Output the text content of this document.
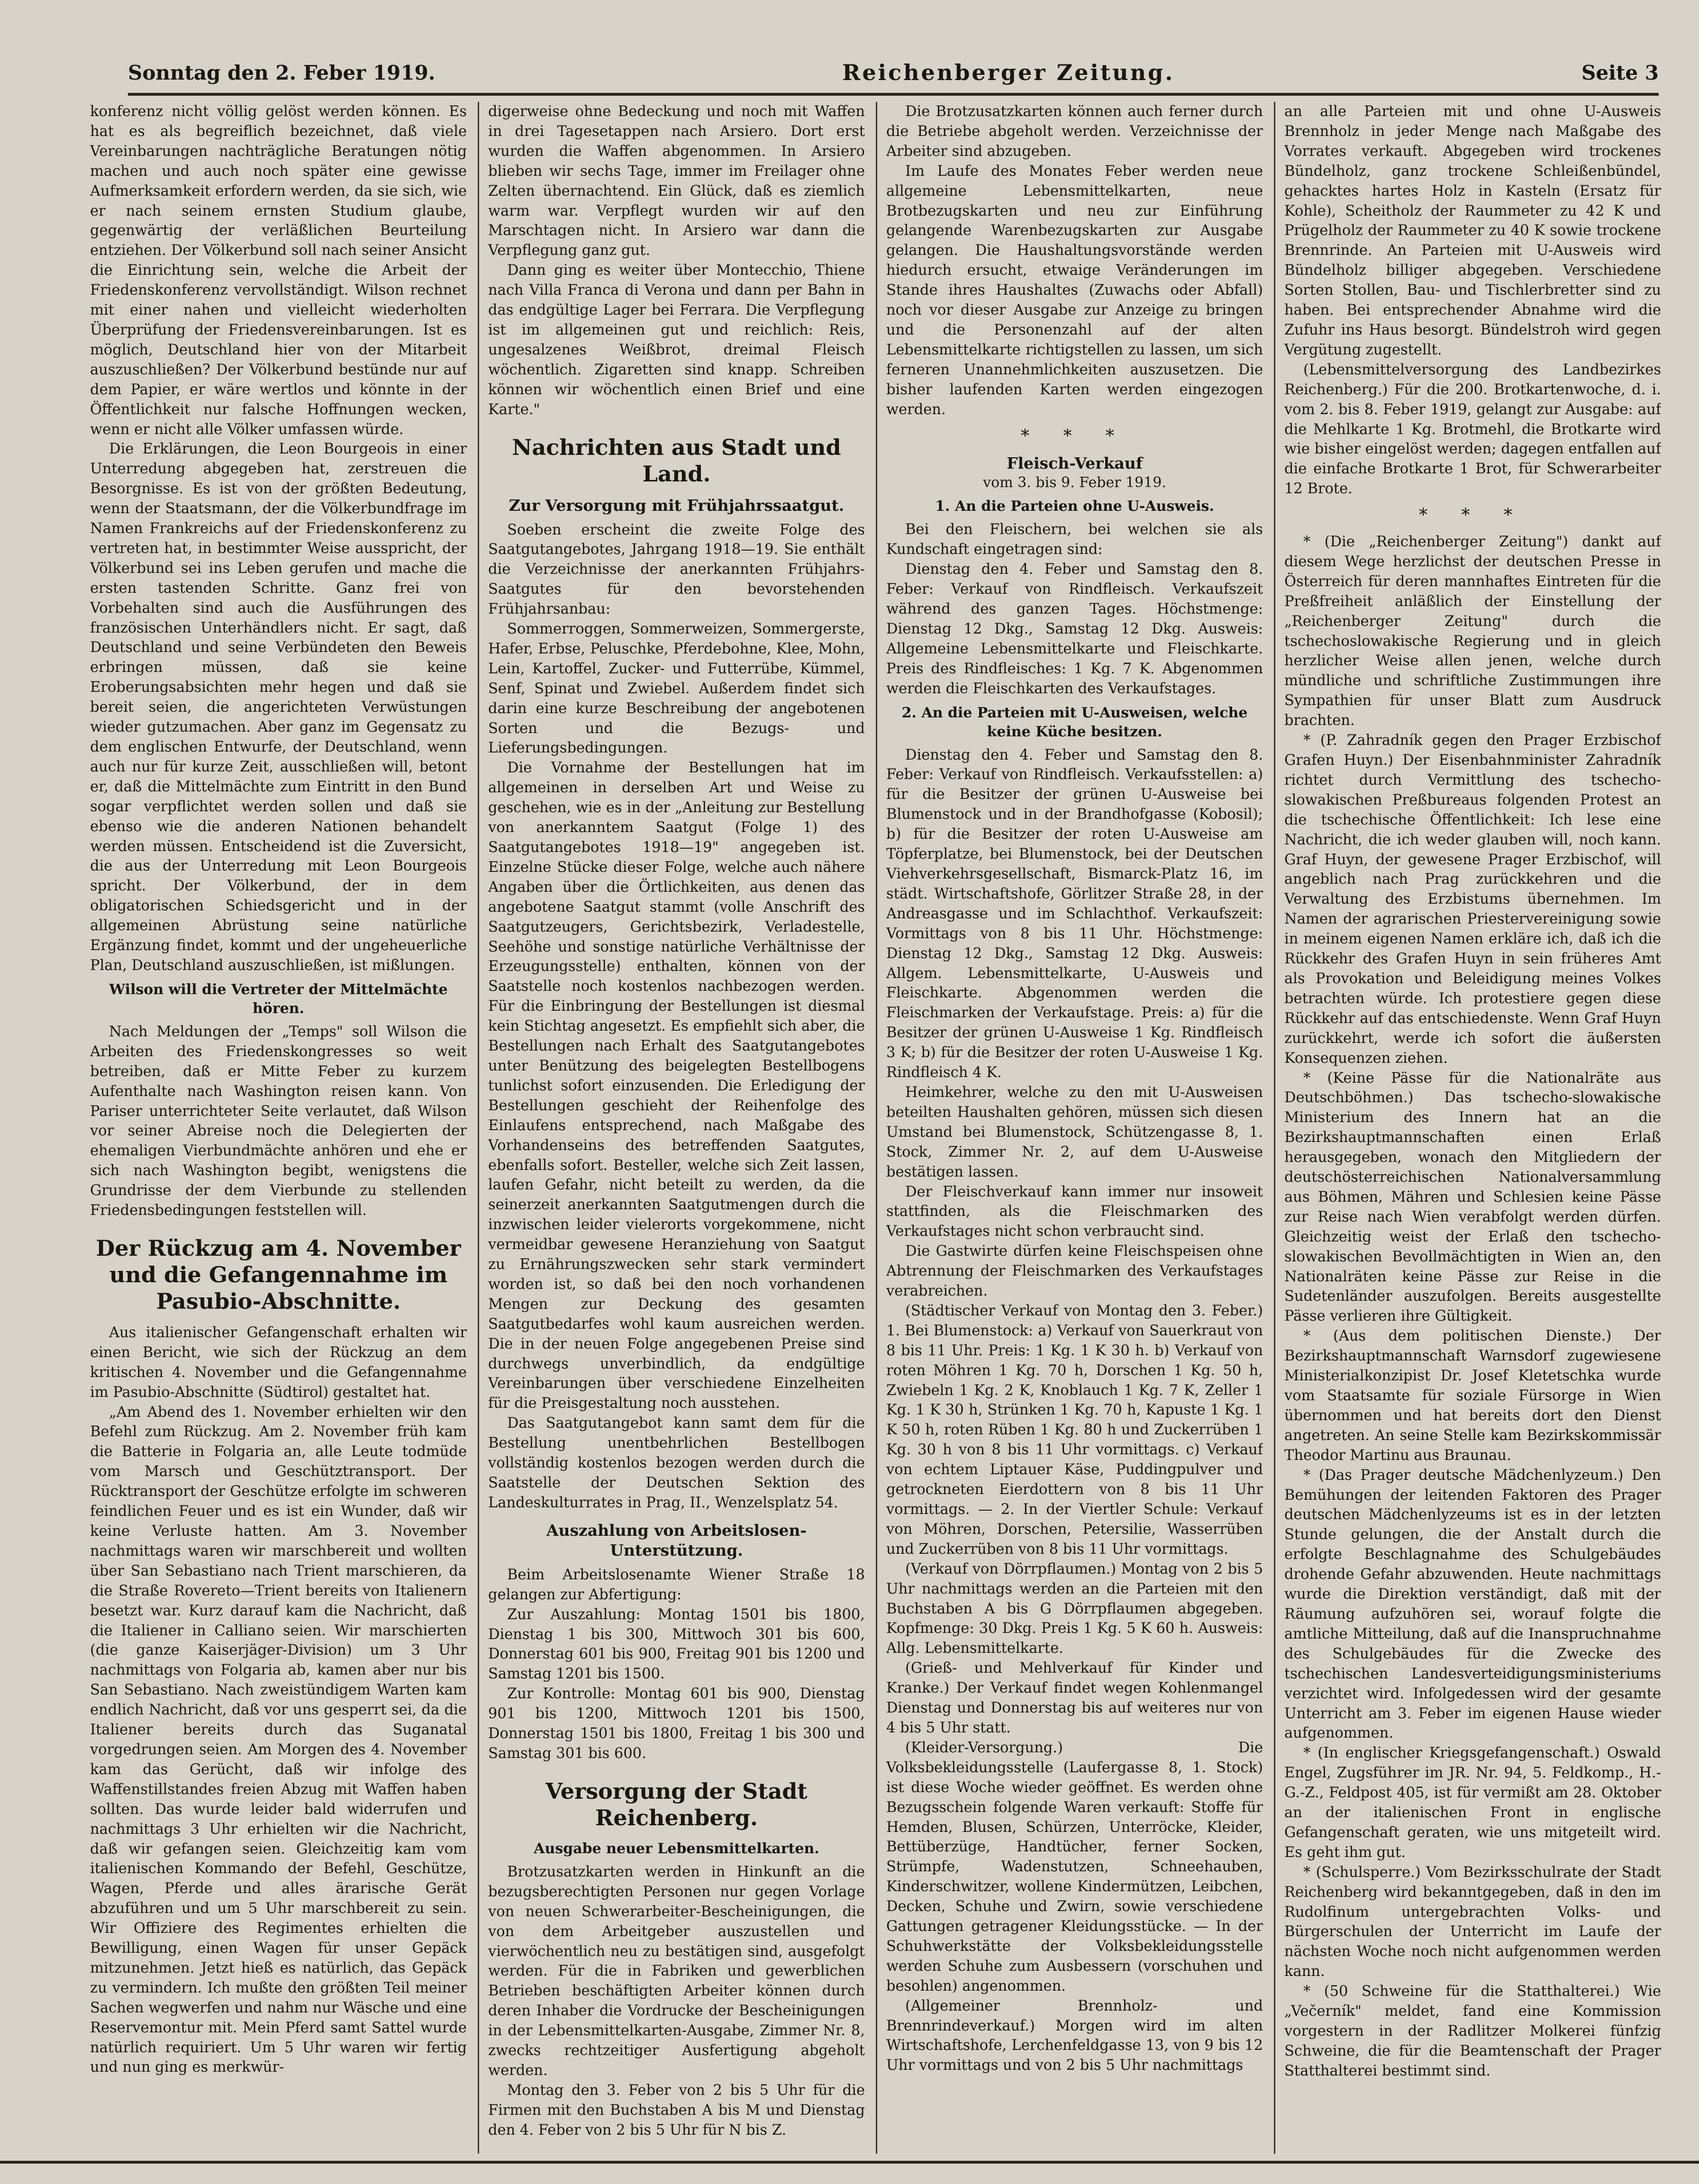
Sonntag den 2. Feber 1919.	Reichenberger Zeitung.	Seite 3

konferenz nicht völlig gelöst werden können. Es hat es als begreiflich bezeichnet, daß viele Vereinbarungen nachträgliche Beratungen nötig machen und auch noch später eine gewisse Aufmerksamkeit erfordern werden, da sie sich, wie er nach seinem ernsten Studium glaube, gegenwärtig der verläßlichen Beurteilung entziehen. Der Völkerbund soll nach seiner Ansicht die Einrichtung sein, welche die Arbeit der Friedenskonferenz vervollständigt. Wilson rechnet mit einer nahen und vielleicht wiederholten Überprüfung der Friedensvereinbarungen. Ist es möglich, Deutschland hier von der Mitarbeit auszuschließen? Der Völkerbund bestünde nur auf dem Papier, er wäre wertlos und könnte in der Öffentlichkeit nur falsche Hoffnungen wecken, wenn er nicht alle Völker umfassen würde.

Die Erklärungen, die Leon Bourgeois in einer Unterredung abgegeben hat, zerstreuen die Besorgnisse. Es ist von der größten Bedeutung, wenn der Staatsmann, der die Völkerbundfrage im Namen Frankreichs auf der Friedenskonferenz zu vertreten hat, in bestimmter Weise ausspricht, der Völkerbund sei ins Leben gerufen und mache die ersten tastenden Schritte. Ganz frei von Vorbehalten sind auch die Ausführungen des französischen Unterhändlers nicht. Er sagt, daß Deutschland und seine Verbündeten den Beweis erbringen müssen, daß sie keine Eroberungsabsichten mehr hegen und daß sie bereit seien, die angerichteten Verwüstungen wieder gutzumachen. Aber ganz im Gegensatz zu dem englischen Entwurfe, der Deutschland, wenn auch nur für kurze Zeit, ausschließen will, betont er, daß die Mittelmächte zum Eintritt in den Bund sogar verpflichtet werden sollen und daß sie ebenso wie die anderen Nationen behandelt werden müssen. Entscheidend ist die Zuversicht, die aus der Unterredung mit Leon Bourgeois spricht. Der Völkerbund, der in dem obligatorischen Schiedsgericht und in der allgemeinen Abrüstung seine natürliche Ergänzung findet, kommt und der ungeheuerliche Plan, Deutschland auszuschließen, ist mißlungen.

Wilson will die Vertreter der Mittelmächte hören.

Nach Meldungen der „Temps" soll Wilson die Arbeiten des Friedenskongresses so weit betreiben, daß er Mitte Feber zu kurzem Aufenthalte nach Washington reisen kann. Von Pariser unterrichteter Seite verlautet, daß Wilson vor seiner Abreise noch die Delegierten der ehemaligen Vierbundmächte anhören und ehe er sich nach Washington begibt, wenigstens die Grundrisse der dem Vierbunde zu stellenden Friedensbedingungen feststellen will.

Der Rückzug am 4. November und die Gefangennahme im Pasubio-Abschnitte.

Aus italienischer Gefangenschaft erhalten wir einen Bericht, wie sich der Rückzug an dem kritischen 4. November und die Gefangennahme im Pasubio-Abschnitte (Südtirol) gestaltet hat.

„Am Abend des 1. November erhielten wir den Befehl zum Rückzug. Am 2. November früh kam die Batterie in Folgaria an, alle Leute todmüde vom Marsch und Geschütztransport. Der Rücktransport der Geschütze erfolgte im schweren feindlichen Feuer und es ist ein Wunder, daß wir keine Verluste hatten. Am 3. November nachmittags waren wir marschbereit und wollten über San Sebastiano nach Trient marschieren, da die Straße Rovereto—Trient bereits von Italienern besetzt war. Kurz darauf kam die Nachricht, daß die Italiener in Calliano seien. Wir marschierten (die ganze Kaiserjäger-Division) um 3 Uhr nachmittags von Folgaria ab, kamen aber nur bis San Sebastiano. Nach zweistündigem Warten kam endlich Nachricht, daß vor uns gesperrt sei, da die Italiener bereits durch das Suganatal vorgedrungen seien. Am Morgen des 4. November kam das Gerücht, daß wir infolge des Waffenstillstandes freien Abzug mit Waffen haben sollten. Das wurde leider bald widerrufen und nachmittags 3 Uhr erhielten wir die Nachricht, daß wir gefangen seien. Gleichzeitig kam vom italienischen Kommando der Befehl, Geschütze, Wagen, Pferde und alles ärarische Gerät abzuführen und um 5 Uhr marschbereit zu sein. Wir Offiziere des Regimentes erhielten die Bewilligung, einen Wagen für unser Gepäck mitzunehmen. Jetzt hieß es natürlich, das Gepäck zu vermindern. Ich mußte den größten Teil meiner Sachen wegwerfen und nahm nur Wäsche und eine Reservemontur mit. Mein Pferd samt Sattel wurde natürlich requiriert. Um 5 Uhr waren wir fertig und nun ging es merkwür-

digerweise ohne Bedeckung und noch mit Waffen in drei Tagesetappen nach Arsiero. Dort erst wurden die Waffen abgenommen. In Arsiero blieben wir sechs Tage, immer im Freilager ohne Zelten übernachtend. Ein Glück, daß es ziemlich warm war. Verpflegt wurden wir auf den Marschtagen nicht. In Arsiero war dann die Verpflegung ganz gut.

Dann ging es weiter über Montecchio, Thiene nach Villa Franca di Verona und dann per Bahn in das endgültige Lager bei Ferrara. Die Verpflegung ist im allgemeinen gut und reichlich: Reis, ungesalzenes Weißbrot, dreimal Fleisch wöchentlich. Zigaretten sind knapp. Schreiben können wir wöchentlich einen Brief und eine Karte."

Nachrichten aus Stadt und Land.
Zur Versorgung mit Frühjahrssaatgut.

Soeben erscheint die zweite Folge des Saatgutangebotes, Jahrgang 1918—19. Sie enthält die Verzeichnisse der anerkannten Frühjahrs-Saatgutes für den bevorstehenden Frühjahrsanbau:

Sommerroggen, Sommerweizen, Sommergerste, Hafer, Erbse, Peluschke, Pferdebohne, Klee, Mohn, Lein, Kartoffel, Zucker- und Futterrübe, Kümmel, Senf, Spinat und Zwiebel. Außerdem findet sich darin eine kurze Beschreibung der angebotenen Sorten und die Bezugs- und Lieferungsbedingungen.

Die Vornahme der Bestellungen hat im allgemeinen in derselben Art und Weise zu geschehen, wie es in der „Anleitung zur Bestellung von anerkanntem Saatgut (Folge 1) des Saatgutangebotes 1918—19" angegeben ist. Einzelne Stücke dieser Folge, welche auch nähere Angaben über die Örtlichkeiten, aus denen das angebotene Saatgut stammt (volle Anschrift des Saatgutzeugers, Gerichtsbezirk, Verladestelle, Seehöhe und sonstige natürliche Verhältnisse der Erzeugungsstelle) enthalten, können von der Saatstelle noch kostenlos nachbezogen werden. Für die Einbringung der Bestellungen ist diesmal kein Stichtag angesetzt. Es empfiehlt sich aber, die Bestellungen nach Erhalt des Saatgutangebotes unter Benützung des beigelegten Bestellbogens tunlichst sofort einzusenden. Die Erledigung der Bestellungen geschieht der Reihenfolge des Einlaufens entsprechend, nach Maßgabe des Vorhandenseins des betreffenden Saatgutes, ebenfalls sofort. Besteller, welche sich Zeit lassen, laufen Gefahr, nicht beteilt zu werden, da die seinerzeit anerkannten Saatgutmengen durch die inzwischen leider vielerorts vorgekommene, nicht vermeidbar gewesene Heranziehung von Saatgut zu Ernährungszwecken sehr stark vermindert worden ist, so daß bei den noch vorhandenen Mengen zur Deckung des gesamten Saatgutbedarfes wohl kaum ausreichen werden. Die in der neuen Folge angegebenen Preise sind durchwegs unverbindlich, da endgültige Vereinbarungen über verschiedene Einzelheiten für die Preisgestaltung noch ausstehen.

Das Saatgutangebot kann samt dem für die Bestellung unentbehrlichen Bestellbogen vollständig kostenlos bezogen werden durch die Saatstelle der Deutschen Sektion des Landeskulturrates in Prag, II., Wenzelsplatz 54.

Auszahlung von Arbeitslosen-Unterstützung.

Beim Arbeitslosenamte Wiener Straße 18 gelangen zur Abfertigung:

Zur Auszahlung: Montag 1501 bis 1800, Dienstag 1 bis 300, Mittwoch 301 bis 600, Donnerstag 601 bis 900, Freitag 901 bis 1200 und Samstag 1201 bis 1500.

Zur Kontrolle: Montag 601 bis 900, Dienstag 901 bis 1200, Mittwoch 1201 bis 1500, Donnerstag 1501 bis 1800, Freitag 1 bis 300 und Samstag 301 bis 600.

Versorgung der Stadt Reichenberg.
Ausgabe neuer Lebensmittelkarten.

Brotzusatzkarten werden in Hinkunft an die bezugsberechtigten Personen nur gegen Vorlage von neuen Schwerarbeiter-Bescheinigungen, die von dem Arbeitgeber auszustellen und vierwöchentlich neu zu bestätigen sind, ausgefolgt werden. Für die in Fabriken und gewerblichen Betrieben beschäftigten Arbeiter können durch deren Inhaber die Vordrucke der Bescheinigungen in der Lebensmittelkarten-Ausgabe, Zimmer Nr. 8, zwecks rechtzeitiger Ausfertigung abgeholt werden.

Montag den 3. Feber von 2 bis 5 Uhr für die Firmen mit den Buchstaben A bis M und Dienstag den 4. Feber von 2 bis 5 Uhr für N bis Z.

Die Brotzusatzkarten können auch ferner durch die Betriebe abgeholt werden. Verzeichnisse der Arbeiter sind abzugeben.

Im Laufe des Monates Feber werden neue allgemeine Lebensmittelkarten, neue Brotbezugskarten und neu zur Einführung gelangende Warenbezugskarten zur Ausgabe gelangen. Die Haushaltungsvorstände werden hiedurch ersucht, etwaige Veränderungen im Stande ihres Haushaltes (Zuwachs oder Abfall) noch vor dieser Ausgabe zur Anzeige zu bringen und die Personenzahl auf der alten Lebensmittelkarte richtigstellen zu lassen, um sich ferneren Unannehmlichkeiten auszusetzen. Die bisher laufenden Karten werden eingezogen werden.

* * *
Fleisch-Verkauf
vom 3. bis 9. Feber 1919.
1. An die Parteien ohne U-Ausweis.

Bei den Fleischern, bei welchen sie als Kundschaft eingetragen sind:

Dienstag den 4. Feber und Samstag den 8. Feber: Verkauf von Rindfleisch. Verkaufszeit während des ganzen Tages. Höchstmenge: Dienstag 12 Dkg., Samstag 12 Dkg. Ausweis: Allgemeine Lebensmittelkarte und Fleischkarte. Preis des Rindfleisches: 1 Kg. 7 K. Abgenommen werden die Fleischkarten des Verkaufstages.

2. An die Parteien mit U-Ausweisen, welche keine Küche besitzen.

Dienstag den 4. Feber und Samstag den 8. Feber: Verkauf von Rindfleisch. Verkaufsstellen: a) für die Besitzer der grünen U-Ausweise bei Blumenstock und in der Brandhofgasse (Kobosil); b) für die Besitzer der roten U-Ausweise am Töpferplatze, bei Blumenstock, bei der Deutschen Viehverkehrsgesellschaft, Bismarck-Platz 16, im städt. Wirtschaftshofe, Görlitzer Straße 28, in der Andreasgasse und im Schlachthof. Verkaufszeit: Vormittags von 8 bis 11 Uhr. Höchstmenge: Dienstag 12 Dkg., Samstag 12 Dkg. Ausweis: Allgem. Lebensmittelkarte, U-Ausweis und Fleischkarte. Abgenommen werden die Fleischmarken der Verkaufstage. Preis: a) für die Besitzer der grünen U-Ausweise 1 Kg. Rindfleisch 3 K; b) für die Besitzer der roten U-Ausweise 1 Kg. Rindfleisch 4 K.

Heimkehrer, welche zu den mit U-Ausweisen beteilten Haushalten gehören, müssen sich diesen Umstand bei Blumenstock, Schützengasse 8, 1. Stock, Zimmer Nr. 2, auf dem U-Ausweise bestätigen lassen.

Der Fleischverkauf kann immer nur insoweit stattfinden, als die Fleischmarken des Verkaufstages nicht schon verbraucht sind.

Die Gastwirte dürfen keine Fleischspeisen ohne Abtrennung der Fleischmarken des Verkaufstages verabreichen.

(Städtischer Verkauf von Montag den 3. Feber.) 1. Bei Blumenstock: a) Verkauf von Sauerkraut von 8 bis 11 Uhr. Preis: 1 Kg. 1 K 30 h. b) Verkauf von roten Möhren 1 Kg. 70 h, Dorschen 1 Kg. 50 h, Zwiebeln 1 Kg. 2 K, Knoblauch 1 Kg. 7 K, Zeller 1 Kg. 1 K 30 h, Strünken 1 Kg. 70 h, Kapuste 1 Kg. 1 K 50 h, roten Rüben 1 Kg. 80 h und Zuckerrüben 1 Kg. 30 h von 8 bis 11 Uhr vormittags. c) Verkauf von echtem Liptauer Käse, Puddingpulver und getrockneten Eierdottern von 8 bis 11 Uhr vormittags. — 2. In der Viertler Schule: Verkauf von Möhren, Dorschen, Petersilie, Wasserrüben und Zuckerrüben von 8 bis 11 Uhr vormittags.

(Verkauf von Dörrpflaumen.) Montag von 2 bis 5 Uhr nachmittags werden an die Parteien mit den Buchstaben A bis G Dörrpflaumen abgegeben. Kopfmenge: 30 Dkg. Preis 1 Kg. 5 K 60 h. Ausweis: Allg. Lebensmittelkarte.

(Grieß- und Mehlverkauf für Kinder und Kranke.) Der Verkauf findet wegen Kohlenmangel Dienstag und Donnerstag bis auf weiteres nur von 4 bis 5 Uhr statt.

(Kleider-Versorgung.) Die Volksbekleidungsstelle (Laufergasse 8, 1. Stock) ist diese Woche wieder geöffnet. Es werden ohne Bezugsschein folgende Waren verkauft: Stoffe für Hemden, Blusen, Schürzen, Unterröcke, Kleider, Bettüberzüge, Handtücher, ferner Socken, Strümpfe, Wadenstutzen, Schneehauben, Kinderschwitzer, wollene Kindermützen, Leibchen, Decken, Schuhe und Zwirn, sowie verschiedene Gattungen getragener Kleidungsstücke. — In der Schuhwerkstätte der Volksbekleidungsstelle werden Schuhe zum Ausbessern (vorschuhen und besohlen) angenommen.

(Allgemeiner Brennholz- und Brennrindeverkauf.) Morgen wird im alten Wirtschaftshofe, Lerchenfeldgasse 13, von 9 bis 12 Uhr vormittags und von 2 bis 5 Uhr nachmittags

an alle Parteien mit und ohne U-Ausweis Brennholz in jeder Menge nach Maßgabe des Vorrates verkauft. Abgegeben wird trockenes Bündelholz, ganz trockene Schleißenbündel, gehacktes hartes Holz in Kasteln (Ersatz für Kohle), Scheitholz der Raummeter zu 42 K und Prügelholz der Raummeter zu 40 K sowie trockene Brennrinde. An Parteien mit U-Ausweis wird Bündelholz billiger abgegeben. Verschiedene Sorten Stollen, Bau- und Tischlerbretter sind zu haben. Bei entsprechender Abnahme wird die Zufuhr ins Haus besorgt. Bündelstroh wird gegen Vergütung zugestellt.

(Lebensmittelversorgung des Landbezirkes Reichenberg.) Für die 200. Brotkartenwoche, d. i. vom 2. bis 8. Feber 1919, gelangt zur Ausgabe: auf die Mehlkarte 1 Kg. Brotmehl, die Brotkarte wird wie bisher eingelöst werden; dagegen entfallen auf die einfache Brotkarte 1 Brot, für Schwerarbeiter 12 Brote.

* * *

* (Die „Reichenberger Zeitung") dankt auf diesem Wege herzlichst der deutschen Presse in Österreich für deren mannhaftes Eintreten für die Preßfreiheit anläßlich der Einstellung der „Reichenberger Zeitung" durch die tschechoslowakische Regierung und in gleich herzlicher Weise allen jenen, welche durch mündliche und schriftliche Zustimmungen ihre Sympathien für unser Blatt zum Ausdruck brachten.

* (P. Zahradník gegen den Prager Erzbischof Grafen Huyn.) Der Eisenbahnminister Zahradník richtet durch Vermittlung des tschecho-slowakischen Preßbureaus folgenden Protest an die tschechische Öffentlichkeit: Ich lese eine Nachricht, die ich weder glauben will, noch kann. Graf Huyn, der gewesene Prager Erzbischof, will angeblich nach Prag zurückkehren und die Verwaltung des Erzbistums übernehmen. Im Namen der agrarischen Priestervereinigung sowie in meinem eigenen Namen erkläre ich, daß ich die Rückkehr des Grafen Huyn in sein früheres Amt als Provokation und Beleidigung meines Volkes betrachten würde. Ich protestiere gegen diese Rückkehr auf das entschiedenste. Wenn Graf Huyn zurückkehrt, werde ich sofort die äußersten Konsequenzen ziehen.

* (Keine Pässe für die Nationalräte aus Deutschböhmen.) Das tschecho-slowakische Ministerium des Innern hat an die Bezirkshauptmannschaften einen Erlaß herausgegeben, wonach den Mitgliedern der deutschösterreichischen Nationalversammlung aus Böhmen, Mähren und Schlesien keine Pässe zur Reise nach Wien verabfolgt werden dürfen. Gleichzeitig weist der Erlaß den tschecho-slowakischen Bevollmächtigten in Wien an, den Nationalräten keine Pässe zur Reise in die Sudetenländer auszufolgen. Bereits ausgestellte Pässe verlieren ihre Gültigkeit.

* (Aus dem politischen Dienste.) Der Bezirkshauptmannschaft Warnsdorf zugewiesene Ministerialkonzipist Dr. Josef Kletetschka wurde vom Staatsamte für soziale Fürsorge in Wien übernommen und hat bereits dort den Dienst angetreten. An seine Stelle kam Bezirkskommissär Theodor Martinu aus Braunau.

* (Das Prager deutsche Mädchenlyzeum.) Den Bemühungen der leitenden Faktoren des Prager deutschen Mädchenlyzeums ist es in der letzten Stunde gelungen, die der Anstalt durch die erfolgte Beschlagnahme des Schulgebäudes drohende Gefahr abzuwenden. Heute nachmittags wurde die Direktion verständigt, daß mit der Räumung aufzuhören sei, worauf folgte die amtliche Mitteilung, daß auf die Inanspruchnahme des Schulgebäudes für die Zwecke des tschechischen Landesverteidigungsministeriums verzichtet wird. Infolgedessen wird der gesamte Unterricht am 3. Feber im eigenen Hause wieder aufgenommen.

* (In englischer Kriegsgefangenschaft.) Oswald Engel, Zugsführer im JR. Nr. 94, 5. Feldkomp., H.-G.-Z., Feldpost 405, ist für vermißt am 28. Oktober an der italienischen Front in englische Gefangenschaft geraten, wie uns mitgeteilt wird. Es geht ihm gut.

* (Schulsperre.) Vom Bezirksschulrate der Stadt Reichenberg wird bekanntgegeben, daß in den im Rudolfinum untergebrachten Volks- und Bürgerschulen der Unterricht im Laufe der nächsten Woche noch nicht aufgenommen werden kann.

* (50 Schweine für die Statthalterei.) Wie „Večerník" meldet, fand eine Kommission vorgestern in der Radlitzer Molkerei fünfzig Schweine, die für die Beamtenschaft der Prager Statthalterei bestimmt sind.
